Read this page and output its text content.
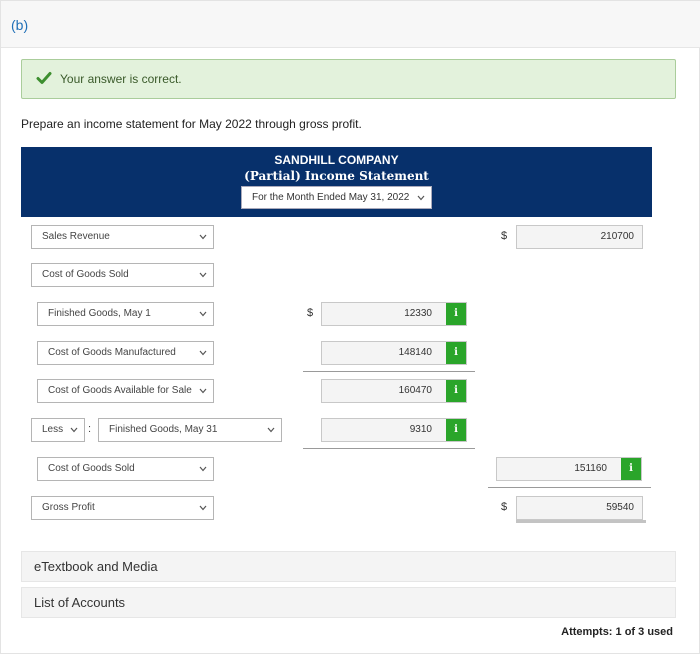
(b)
Your answer is correct.
Prepare an income statement for May 2022 through gross profit.
SANDHILL COMPANY
(Partial) Income Statement
For the Month Ended May 31, 2022
Sales Revenue	$	210700
Cost of Goods Sold
Finished Goods, May 1	$	12330	i
Cost of Goods Manufactured	148140	i
Cost of Goods Available for Sale	160470	i
Less	:	Finished Goods, May 31	9310	i
Cost of Goods Sold	151160	i
Gross Profit	$	59540
eTextbook and Media
List of Accounts
Attempts: 1 of 3 used
